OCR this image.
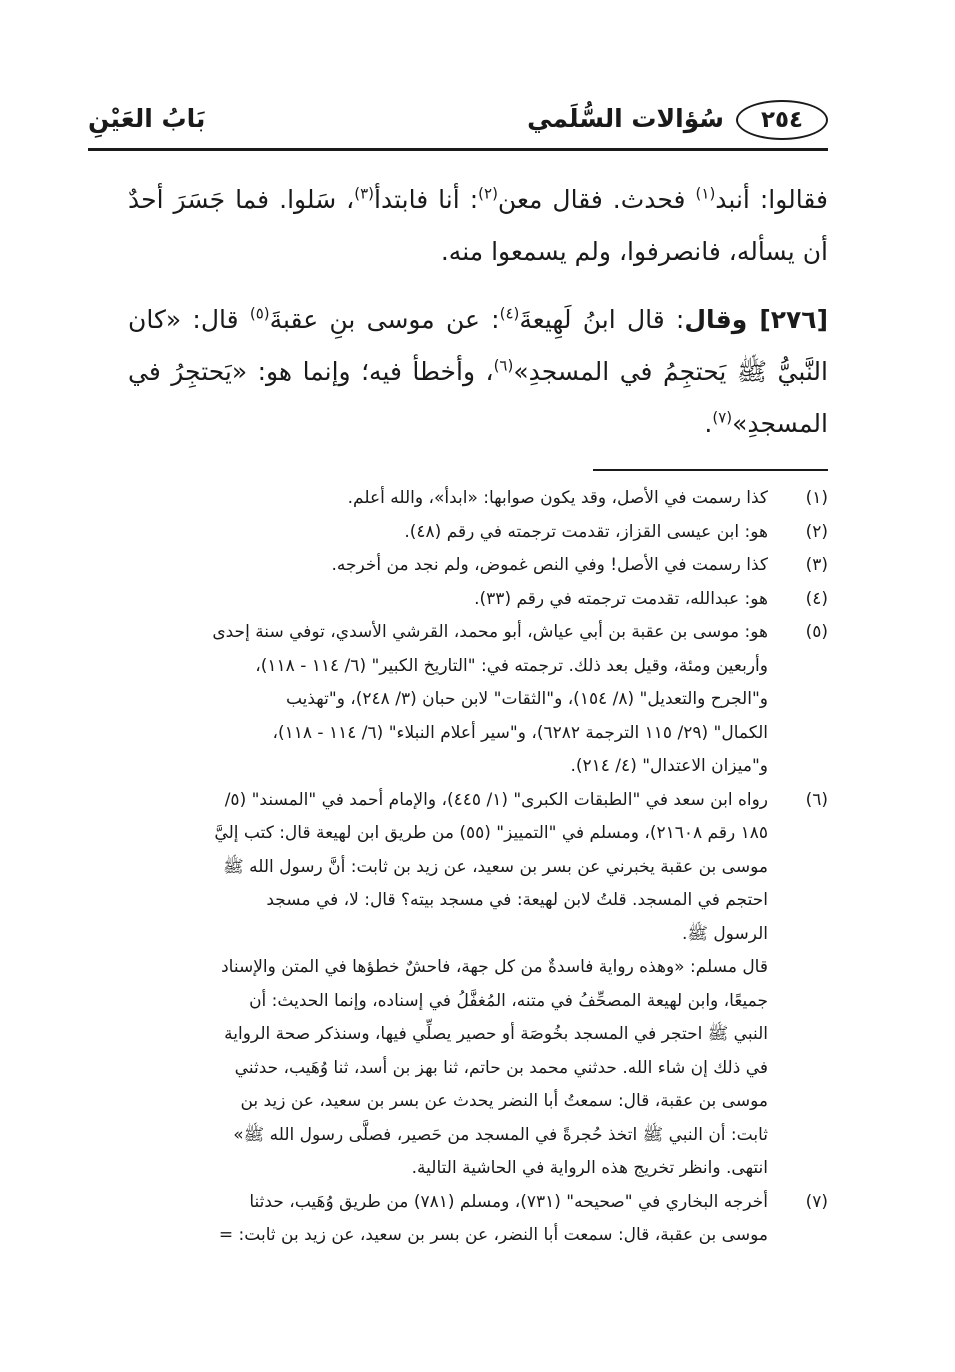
٢٥٤
سُؤالات السُّلَمي
بَابُ العَيْنِ

فقالوا: أنبد$^{(١)}$ فحدث. فقال معن$^{(٢)}$: أنا فابتدأ$^{(٣)}$، سَلوا. فما جَسَرَ أحدٌ أن يسأله، فانصرفوا، ولم يسمعوا منه.

[٢٧٦] وقال: قال ابنُ لَهِيعةَ$^{(٤)}$: عن موسى بنِ عقبةَ$^{(٥)}$ قال: «كان النَّبيُّ ﷺ يَحتجِمُ في المسجدِ»$^{(٦)}$، وأخطأ فيه؛ وإنما هو: «يَحتجِرُ في المسجدِ»$^{(٧)}$.

(١)
كذا رسمت في الأصل، وقد يكون صوابها: «ابدأ»، والله أعلم.
(٢)
هو: ابن عيسى القزاز، تقدمت ترجمته في رقم (٤٨).
(٣)
كذا رسمت في الأصل! وفي النص غموض، ولم نجد من أخرجه.
(٤)
هو: عبدالله، تقدمت ترجمته في رقم (٣٣).
(٥)
هو: موسى بن عقبة بن أبي عياش، أبو محمد، القرشي الأسدي، توفي سنة إحدى
وأربعين ومئة، وقيل بعد ذلك. ترجمته في: "التاريخ الكبير" (٦/ ١١٤ - ١١٨)،
و"الجرح والتعديل" (٨/ ١٥٤)، و"الثقات" لابن حبان (٣/ ٢٤٨)، و"تهذيب
الكمال" (٢٩/ ١١٥ الترجمة ٦٢٨٢)، و"سير أعلام النبلاء" (٦/ ١١٤ - ١١٨)،
و"ميزان الاعتدال" (٤/ ٢١٤).
(٦)
رواه ابن سعد في "الطبقات الكبرى" (١/ ٤٤٥)، والإمام أحمد في "المسند" (٥/
١٨٥ رقم ٢١٦٠٨)، ومسلم في "التمييز" (٥٥) من طريق ابن لهيعة قال: كتب إليَّ
موسى بن عقبة يخبرني عن بسر بن سعيد، عن زيد بن ثابت: أنَّ رسول الله ﷺ
احتجم في المسجد. قلتُ لابن لهيعة: في مسجد بيته؟ قال: لا، في مسجد
الرسول ﷺ.
قال مسلم: «وهذه رواية فاسدةٌ من كل جهة، فاحشٌ خطؤها في المتن والإسناد
جميعًا، وابن لهيعة المصحِّفُ في متنه، المُغفَّلُ في إسناده، وإنما الحديث: أن
النبي ﷺ احتجر في المسجد بخُوصَة أو حصير يصلِّي فيها، وسنذكر صحة الرواية
في ذلك إن شاء الله. حدثني محمد بن حاتم، ثنا بهز بن أسد، ثنا وُهَيب، حدثني
موسى بن عقبة، قال: سمعتُ أبا النضر يحدث عن بسر بن سعيد، عن زيد بن
ثابت: أن النبي ﷺ اتخذ حُجرةً في المسجد من حَصير، فصلَّى رسول الله ﷺ»
انتهى. وانظر تخريج هذه الرواية في الحاشية التالية.
(٧)
أخرجه البخاري في "صحيحه" (٧٣١)، ومسلم (٧٨١) من طريق وُهَيب، حدثنا
موسى بن عقبة، قال: سمعت أبا النضر، عن بسر بن سعيد، عن زيد بن ثابت: =
